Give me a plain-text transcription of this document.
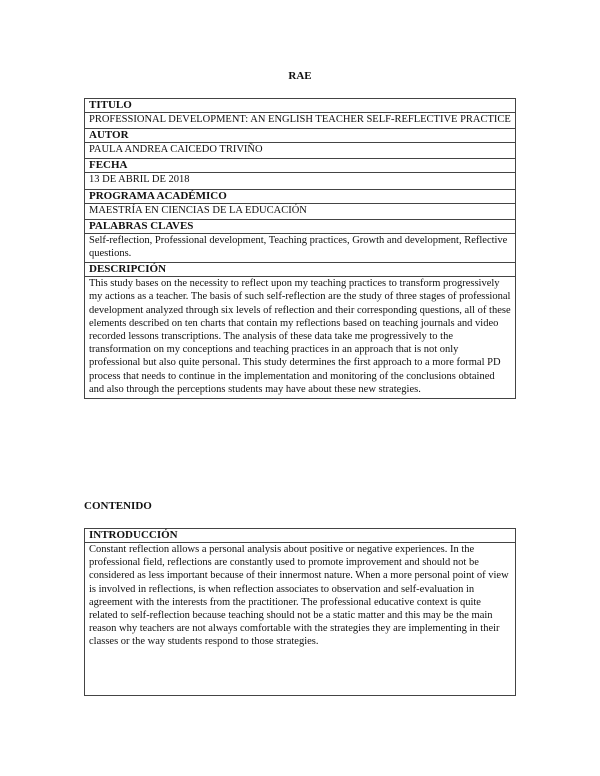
RAE
TITULO
PROFESSIONAL DEVELOPMENT: AN ENGLISH TEACHER SELF-REFLECTIVE PRACTICE
AUTOR
PAULA ANDREA CAICEDO TRIVIÑO
FECHA
13 DE ABRIL DE 2018
PROGRAMA ACADÉMICO
MAESTRÍA EN CIENCIAS DE LA EDUCACIÓN
PALABRAS CLAVES
Self-reflection, Professional development, Teaching practices, Growth and development, Reflective questions.
DESCRIPCIÓN
This study bases on the necessity to reflect upon my teaching practices to transform progressively my actions as a teacher. The basis of such self-reflection are the study of three stages of professional development analyzed through six levels of reflection and their corresponding questions, all of these elements described on ten charts that contain my reflections based on teaching journals and video recorded lessons transcriptions. The analysis of these data take me progressively to the transformation on my conceptions and teaching practices in an approach that is not only professional but also quite personal. This study determines the first approach to a more formal PD process that needs to continue in the implementation and monitoring of the conclusions obtained and also through the perceptions students may have about these new strategies.
CONTENIDO
INTRODUCCIÓN
Constant reflection allows a personal analysis about positive or negative experiences. In the professional field, reflections are constantly used to promote improvement and should not be considered as less important because of their innermost nature. When a more personal point of view is involved in reflections, is when reflection associates to observation and self-evaluation in agreement with the interests from the practitioner. The professional educative context is quite related to self-reflection because teaching should not be a static matter and this may be the main reason why teachers are not always comfortable with the strategies they are implementing in their classes or the way students respond to those strategies.
